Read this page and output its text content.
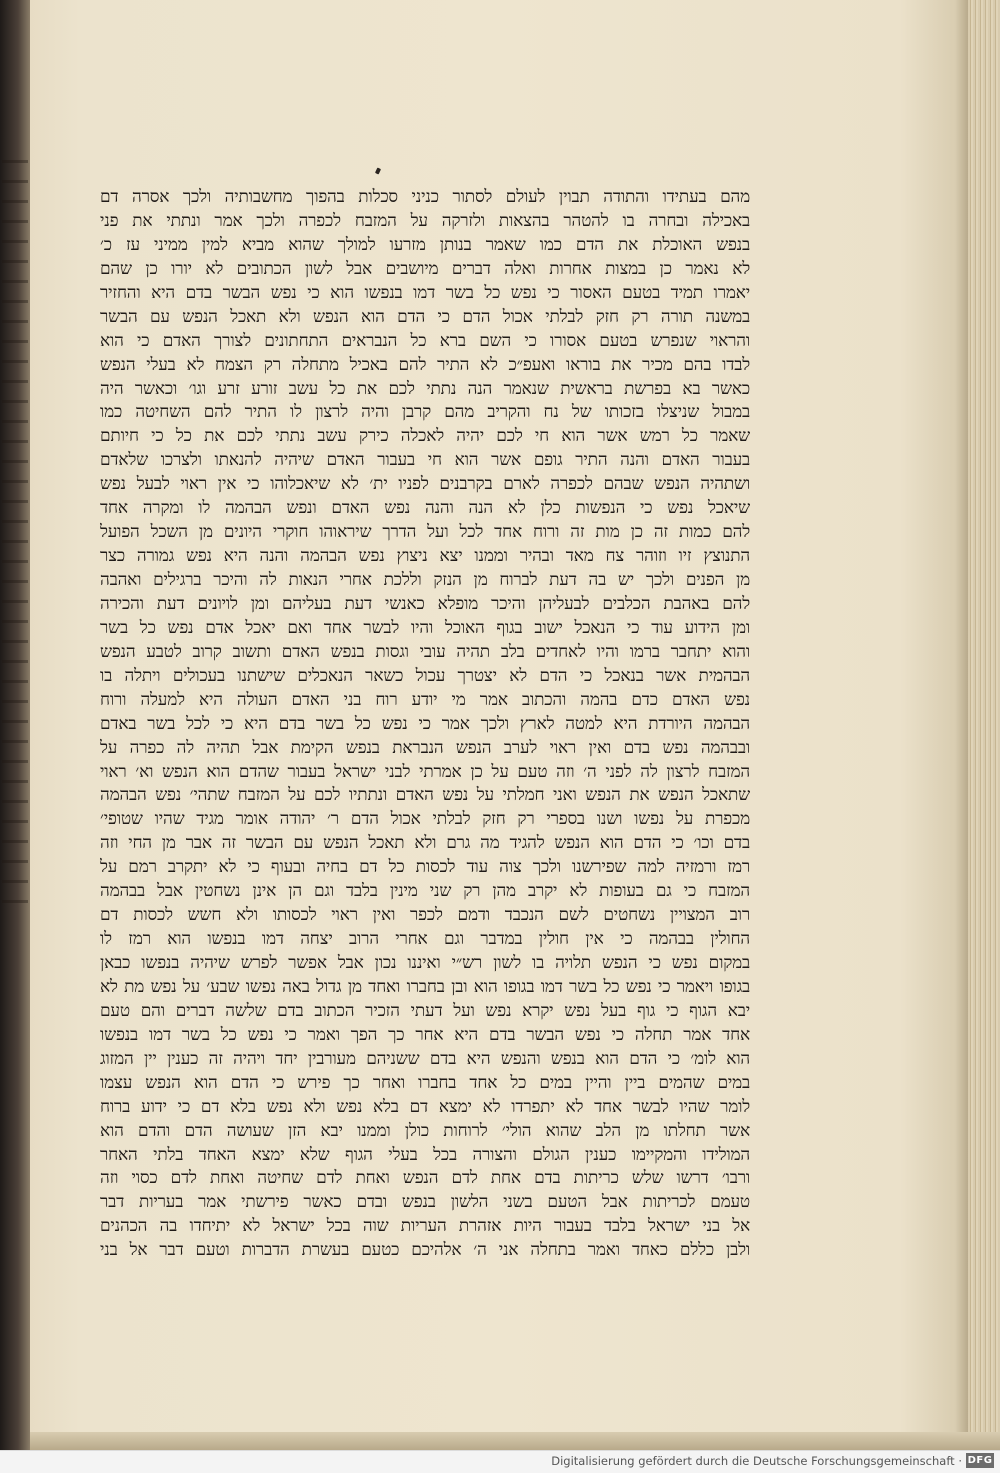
מהם בעתידו והתודה תבוין לעולם לסתור כניני סכלות בהפוך מחשבותיה ולכך אסרה דם
באכילה ובחרה בו להטהר בהצאות ולזרקה על המזבח לכפרה ולכך אמר ונתתי את פני
בנפש האוכלת את הדם כמו שאמר בנותן מזרעו למולך שהוא מביא למין ממיני עז כ׳
לא נאמר כן במצות אחרות ואלה דברים מיושבים אבל לשון הכתובים לא יורו כן שהם
יאמרו תמיד בטעם האסור כי נפש כל בשר דמו בנפשו הוא כי נפש הבשר בדם היא והחזיר
במשנה תורה רק חזק לבלתי אכול הדם כי הדם הוא הנפש ולא תאכל הנפש עם הבשר
והראוי שנפרש בטעם אסורו כי השם ברא כל הנבראים התחתונים לצורך האדם כי הוא
לבדו בהם מכיר את בוראו ואעפ״כ לא התיר להם באכיל מתחלה רק הצמח לא בעלי הנפש
כאשר בא בפרשת בראשית שנאמר הנה נתתי לכם את כל עשב זורע זרע וגו׳ וכאשר היה
במבול שניצלו בזכותו של נח והקריב מהם קרבן והיה לרצון לו התיר להם השחיטה כמו
שאמר כל רמש אשר הוא חי לכם יהיה לאכלה כירק עשב נתתי לכם את כל כי חיותם
בעבור האדם והנה התיר גופם אשר הוא חי בעבור האדם שיהיה להנאתו ולצרכו שלאדם
ושתהיה הנפש שבהם לכפרה לארם בקרבנים לפניו ית׳ לא שיאכלוהו כי אין ראוי לבעל נפש
שיאכל נפש כי הנפשות כלן לא הנה והנה נפש האדם ונפש הבהמה לו ומקרה אחד
להם כמות זה כן מות זה ורוח אחד לכל ועל הדרך שיראוהו חוקרי היונים מן השכל הפועל
התנוצץ זיו וזוהר צח מאד ובהיר וממנו יצא ניצוץ נפש הבהמה והנה היא נפש גמורה כצר
מן הפנים ולכך יש בה דעת לברוח מן הנזק וללכת אחרי הנאות לה והיכר ברגילים ואהבה
להם באהבת הכלבים לבעליהן והיכר מופלא כאנשי דעת בעליהם ומן לויונים דעת והכירה
ומן הידוע עוד כי הנאכל ישוב בגוף האוכל והיו לבשר אחד ואם יאכל אדם נפש כל בשר
והוא יתחבר ברמו והיו לאחדים בלב תהיה עובי וגסות בנפש האדם ותשוב קרוב לטבע הנפש
הבהמית אשר בנאכל כי הדם לא יצטרך עכול כשאר הנאכלים שישתנו בעכולים ויתלה בו
נפש האדם כדם בהמה והכתוב אמר מי יודע רוח בני האדם העולה היא למעלה ורוח
הבהמה היורדת היא למטה לארץ ולכך אמר כי נפש כל בשר בדם היא כי לכל בשר באדם
ובבהמה נפש בדם ואין ראוי לערב הנפש הנבראת בנפש הקימת אבל תהיה לה כפרה על
המזבח לרצון לה לפני ה׳ וזה טעם על כן אמרתי לבני ישראל בעבור שהדם הוא הנפש וא׳ ראוי
שתאכל הנפש את הנפש ואני חמלתי על נפש האדם ונתתיו לכם על המזבח שתהי׳ נפש הבהמה
מכפרת על נפשו ושנו בספרי רק חזק לבלתי אכול הדם ר׳ יהודה אומר מגיד שהיו שטופי׳
בדם וכו׳ כי הדם הוא הנפש להגיד מה גרם ולא תאכל הנפש עם הבשר זה אבר מן החי וזה
רמז ורמזיה למה שפירשנו ולכך צוה עוד לכסות כל דם בחיה ובעוף כי לא יתקרב רמם על
המזבח כי גם בעופות לא יקרב מהן רק שני מינין בלבד וגם הן אינן נשחטין אבל בבהמה
רוב המצויין נשחטים לשם הנכבד ודמם לכפר ואין ראוי לכסותו ולא חשש לכסות דם
החולין בבהמה כי אין חולין במדבר וגם אחרי הרוב יצחה דמו בנפשו הוא רמז לו
במקום נפש כי הנפש תלויה בו לשון רש״י ואיננו נכון אבל אפשר לפרש שיהיה בנפשו כבאן
בגופו ויאמר כי נפש כל בשר דמו בגופו הוא ובן בחברו ואחד מן גדול באה נפשו שבע׳ על נפש מת לא
יבא הגוף כי גוף בעל נפש יקרא נפש ועל דעתי הזכיר הכתוב בדם שלשה דברים והם טעם
אחד אמר תחלה כי נפש הבשר בדם היא אחר כך הפך ואמר כי נפש כל בשר דמו בנפשו
הוא לומ׳ כי הדם הוא בנפש והנפש היא בדם ששניהם מעורבין יחד ויהיה זה כענין יין המזוג
במים שהמים ביין והיין במים כל אחד בחברו ואחר כך פירש כי הדם הוא הנפש עצמו
לומר שהיו לבשר אחד לא יתפרדו לא ימצא דם בלא נפש ולא נפש בלא דם כי ידוע ברוח
אשר תחלתו מן הלב שהוא הולי׳ לרוחות כולן וממנו יבא הזן שעושה הדם והדם הוא
המולידו והמקיימו כענין הגולם והצורה בכל בעלי הגוף שלא ימצא האחד בלתי האחר
ורבו׳ דרשו שלש כריתות בדם אחת לדם הנפש ואחת לדם שחיטה ואחת לדם כסוי וזה
טעמם לכריתות אבל הטעם בשני הלשון בנפש ובדם כאשר פירשתי אמר בעריות דבר
אל בני ישראל בלבד בעבור היות אזהרת העריות שוה בכל ישראל לא יתיחדו בה הכהנים
ולבן כללם כאחד ואמר בתחלה אני ה׳ אלהיכם כטעם בעשרת הדברות וטעם דבר אל בני
Digitalisierung gefördert durch die Deutsche Forschungsgemeinschaft · DFG
